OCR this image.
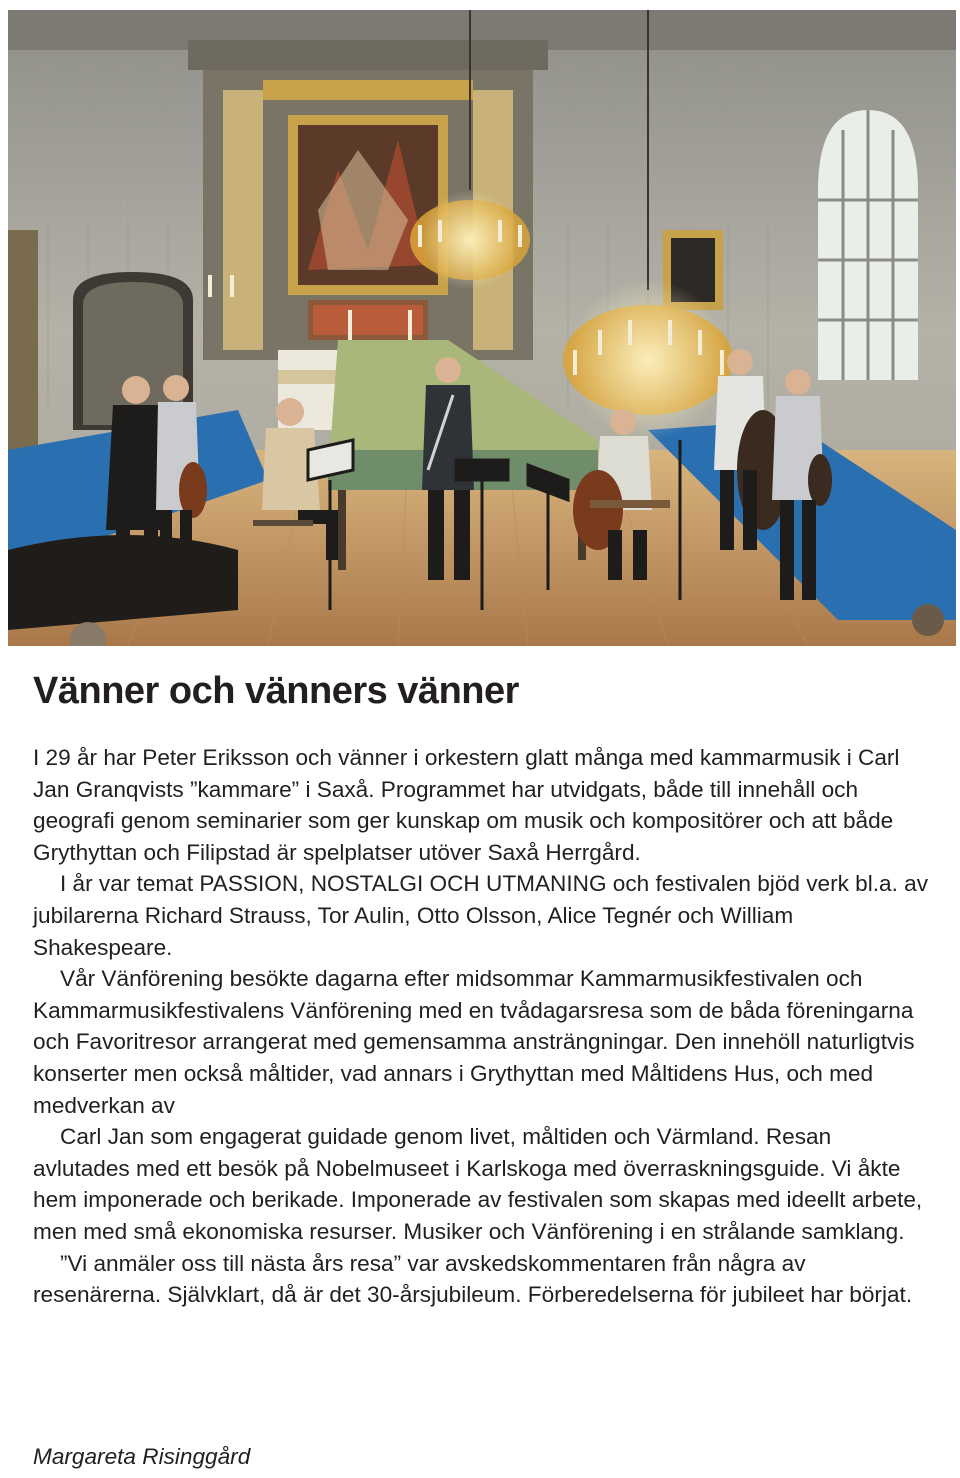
Vänner och vänners vänner

I 29 år har Peter Eriksson och vänner i orkestern glatt många med kammarmusik i Carl Jan Granqvists ”kammare” i Saxå. Programmet har utvidgats, både till innehåll och geografi genom seminarier som ger kunskap om musik och kompositörer och att både Grythyttan och Filipstad är spelplatser utöver Saxå Herrgård.

I år var temat PASSION, NOSTALGI OCH UTMANING och festivalen bjöd verk bl.a. av jubilarerna Richard Strauss, Tor Aulin, Otto Olsson, Alice Tegnér och William Shakespeare.

Vår Vänförening besökte dagarna efter midsommar Kammarmusikfestivalen och Kammarmusikfestivalens Vänförening med en tvådagarsresa som de båda föreningarna och Favoritresor arrangerat med gemensamma ansträngningar. Den innehöll naturligtvis konserter men också måltider, vad annars i Grythyttan med Måltidens Hus, och med medverkan av

Carl Jan som engagerat guidade genom livet, måltiden och Värmland. Resan avlutades med ett besök på Nobelmuseet i Karlskoga med överraskningsguide. Vi åkte hem imponerade och berikade. Imponerade av festivalen som skapas med ideellt arbete, men med små ekonomiska resurser. Musiker och Vänförening i en strålande samklang.

”Vi anmäler oss till nästa års resa” var avskedskommentaren från några av resenärerna. Självklart, då är det 30-årsjubileum. Förberedelserna för jubileet har börjat.

Margareta Risinggård
